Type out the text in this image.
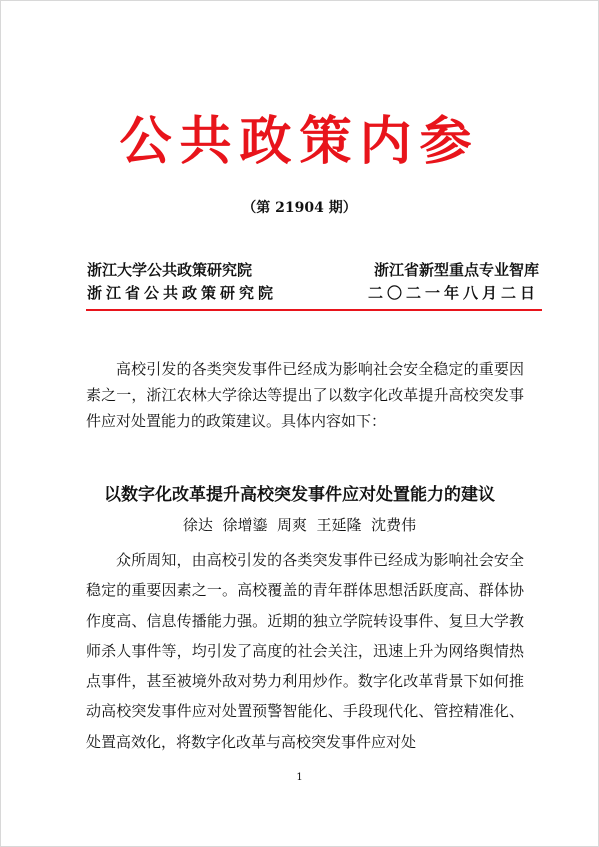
公共政策内参
（第 21904 期）
浙江大学公共政策研究院	浙江省新型重点专业智库
浙江省公共政策研究院	二〇二一年八月二日
高校引发的各类突发事件已经成为影响社会安全稳定的重要因素之一，浙江农林大学徐达等提出了以数字化改革提升高校突发事件应对处置能力的政策建议。具体内容如下：
以数字化改革提升高校突发事件应对处置能力的建议
徐达  徐增鎏  周爽  王延隆  沈费伟
众所周知，由高校引发的各类突发事件已经成为影响社会安全稳定的重要因素之一。高校覆盖的青年群体思想活跃度高、群体协作度高、信息传播能力强。近期的独立学院转设事件、复旦大学教师杀人事件等，均引发了高度的社会关注，迅速上升为网络舆情热点事件，甚至被境外敌对势力利用炒作。数字化改革背景下如何推动高校突发事件应对处置预警智能化、手段现代化、管控精准化、处置高效化，将数字化改革与高校突发事件应对处
1
